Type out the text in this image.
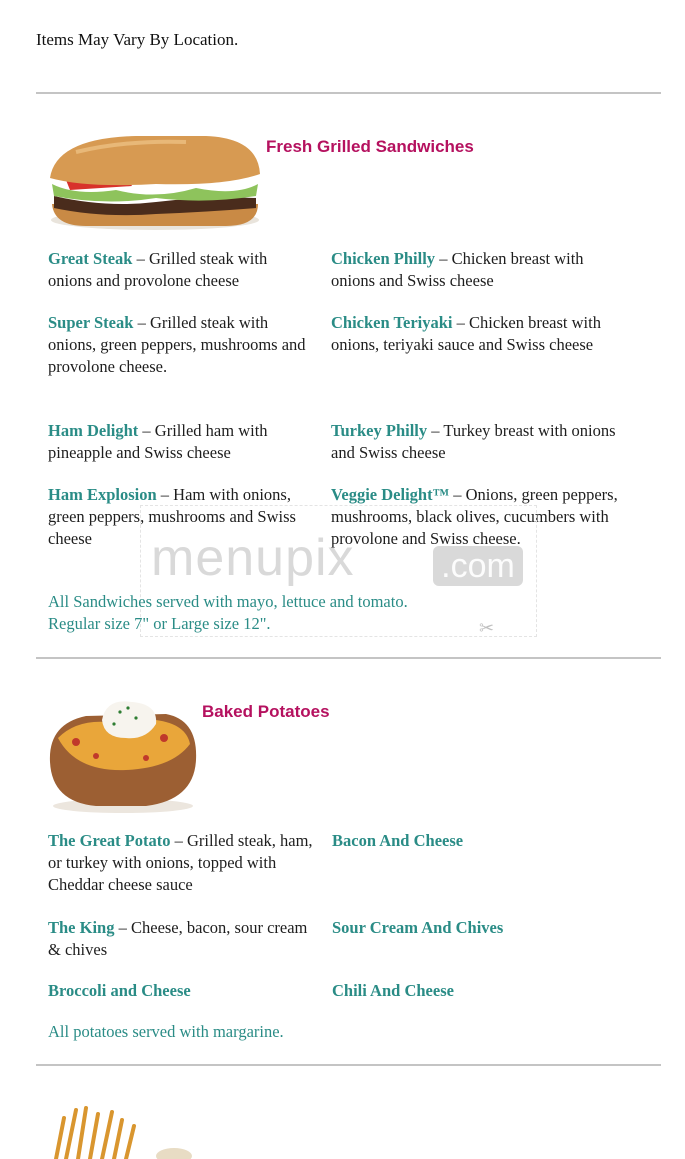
Items May Vary By Location.
Fresh Grilled Sandwiches
Great Steak – Grilled steak with onions and provolone cheese
Chicken Philly – Chicken breast with onions and Swiss cheese
Super Steak – Grilled steak with onions, green peppers, mushrooms and provolone cheese.
Chicken Teriyaki – Chicken breast with onions, teriyaki sauce and Swiss cheese
Ham Delight – Grilled ham with pineapple and Swiss cheese
Turkey Philly – Turkey breast with onions and Swiss cheese
Ham Explosion – Ham with onions, green peppers, mushrooms and Swiss cheese
Veggie Delight™ – Onions, green peppers, mushrooms, black olives, cucumbers with provolone and Swiss cheese.
menupix	.com
✂
All Sandwiches served with mayo, lettuce and tomato.
Regular size 7" or Large size 12".
Baked Potatoes
The Great Potato – Grilled steak, ham, or turkey with onions, topped with Cheddar cheese sauce
Bacon And Cheese
The King – Cheese, bacon, sour cream & chives
Sour Cream And Chives
Broccoli and Cheese	Chili And Cheese
All potatoes served with margarine.
